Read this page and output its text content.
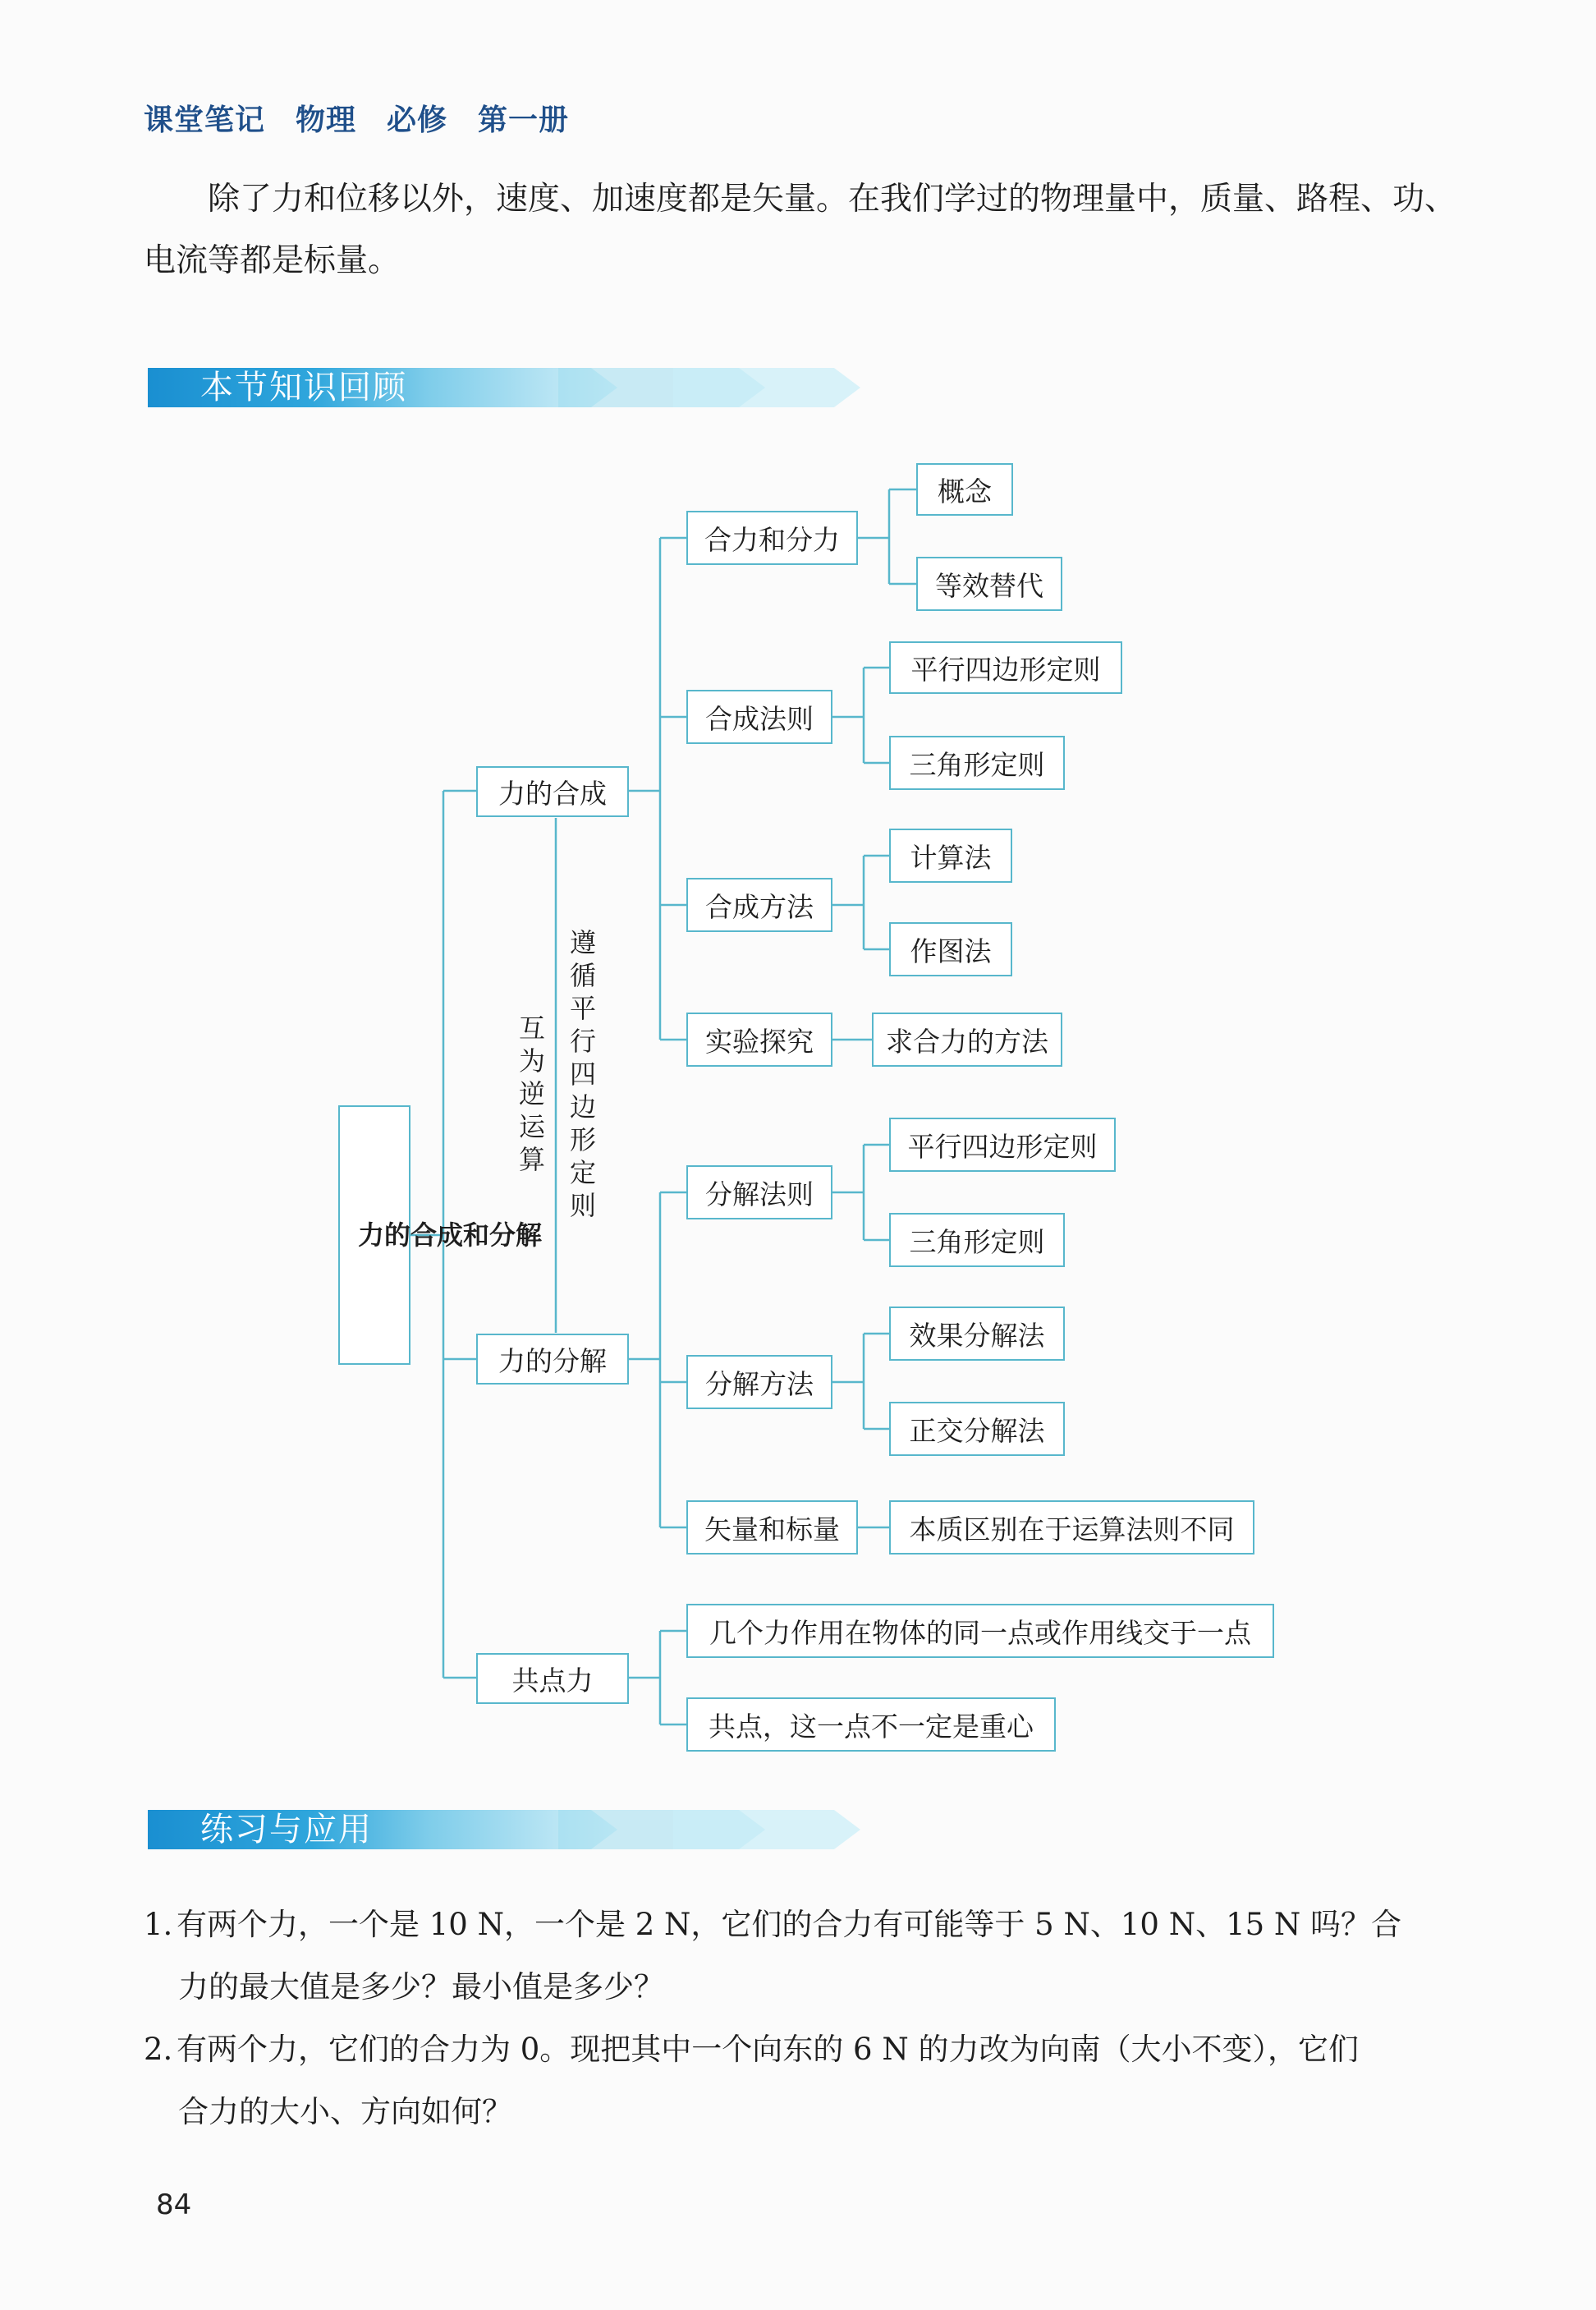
课堂笔记　物理　必修　第一册
除了力和位移以外，速度、加速度都是矢量。在我们学过的物理量中，质量、路程、功、电流等都是标量。
本节知识回顾
力的合成和分解
力的合成
力的分解
共点力
互为逆运算
遵循平行四边形定则
合力和分力
概念
等效替代
合成法则
平行四边形定则
三角形定则
合成方法
计算法
作图法
实验探究	求合力的方法
分解法则
平行四边形定则
三角形定则
分解方法
效果分解法
正交分解法
矢量和标量	本质区别在于运算法则不同
几个力作用在物体的同一点或作用线交于一点
共点，这一点不一定是重心
练习与应用
1. 有两个力，一个是 10 N，一个是 2 N，它们的合力有可能等于 5 N、10 N、15 N 吗？合
力的最大值是多少？最小值是多少？
2. 有两个力，它们的合力为 0。现把其中一个向东的 6 N 的力改为向南（大小不变），它们
合力的大小、方向如何？
84
